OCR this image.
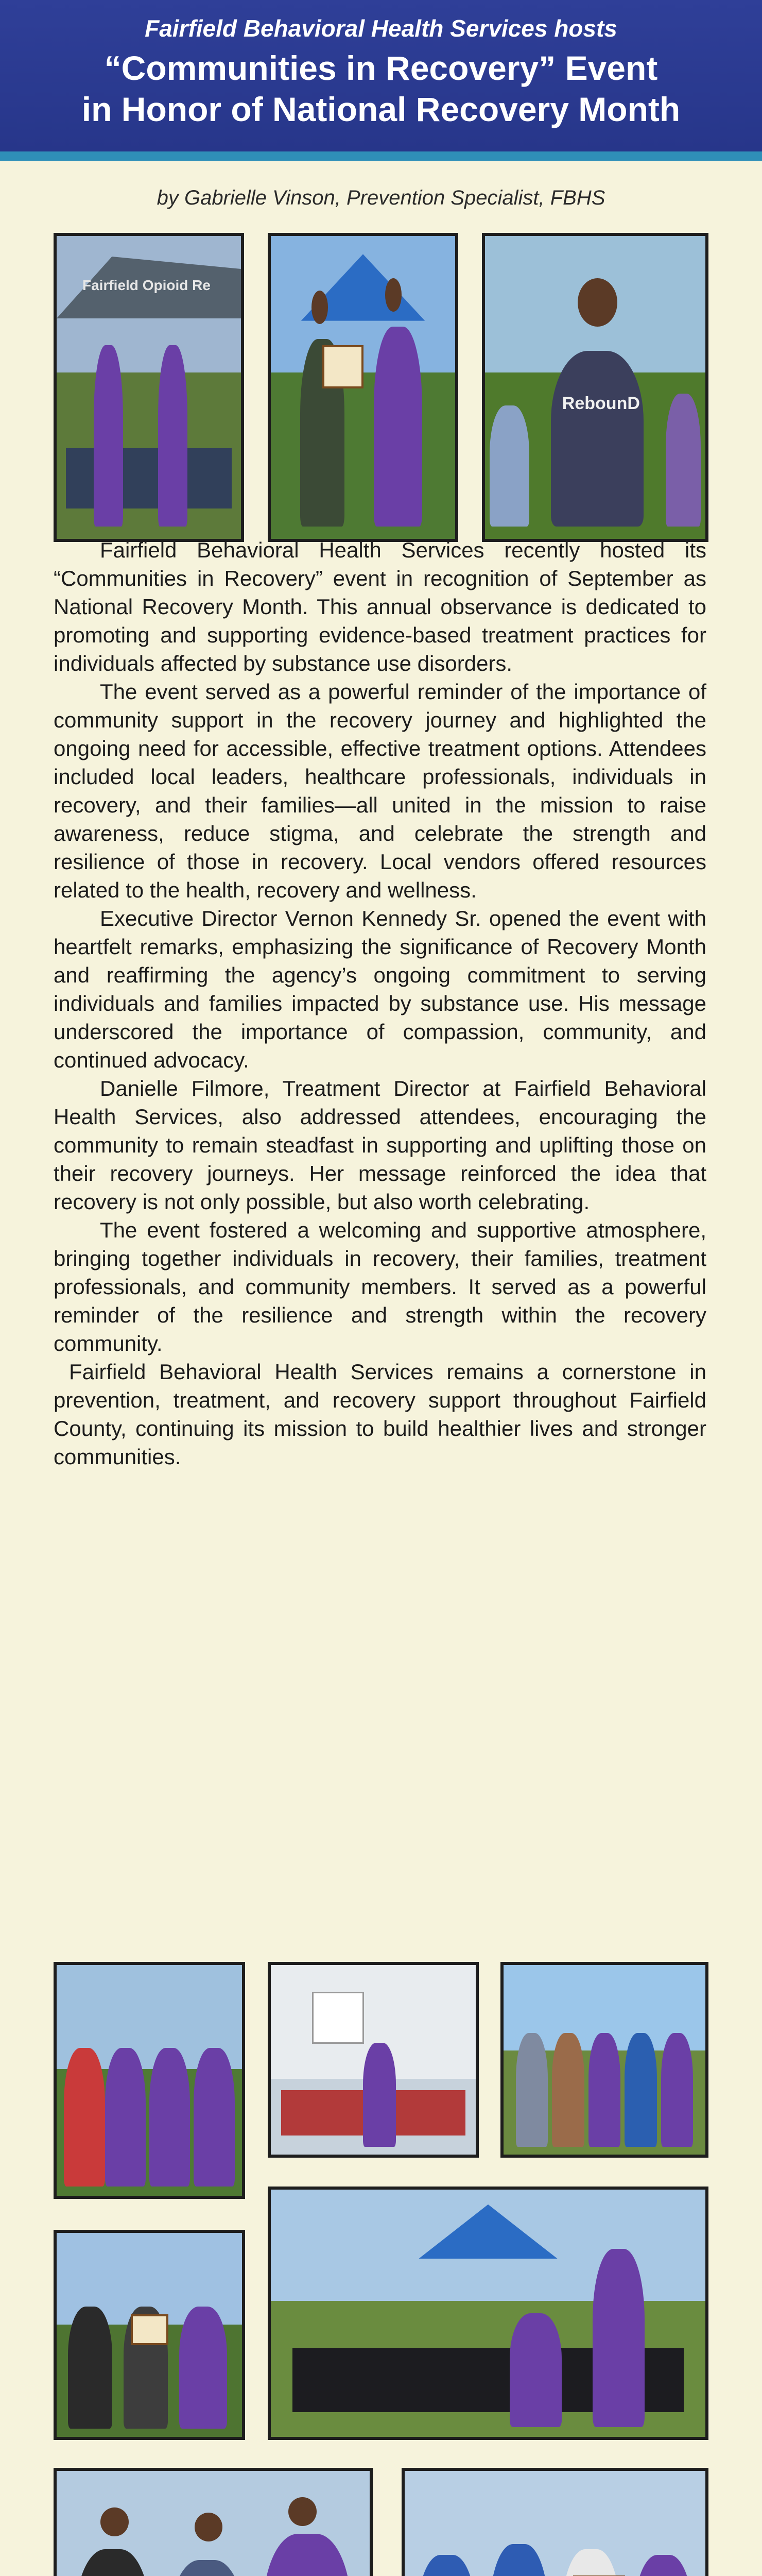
Fairfield Behavioral Health Services hosts
“Communities in Recovery” Event
in Honor of National Recovery Month
by Gabrielle Vinson, Prevention Specialist, FBHS
Fairfield Opioid Re
RebounD

Fairfield Behavioral Health Services recently hosted its “Communities in Recovery” event in recognition of September as National Recovery Month. This annual observance is dedicated to promoting and supporting evidence-based treatment practices for individuals affected by substance use disorders.

The event served as a powerful reminder of the importance of community support in the recovery journey and highlighted the ongoing need for accessible, effective treatment options. Attendees included local leaders, healthcare professionals, individuals in recovery, and their families—all united in the mission to raise awareness, reduce stigma, and celebrate the strength and resilience of those in recovery. Local vendors offered resources related to the health, recovery and wellness.

Executive Director Vernon Kennedy Sr. opened the event with heartfelt remarks, emphasizing the significance of Recovery Month and reaffirming the agency’s ongoing commitment to serving individuals and families impacted by substance use. His message underscored the importance of compassion, community, and continued advocacy.

Danielle Filmore, Treatment Director at Fairfield Behavioral Health Services, also addressed attendees, encouraging the community to remain steadfast in supporting and uplifting those on their recovery journeys. Her message reinforced the idea that recovery is not only possible, but also worth celebrating.

The event fostered a welcoming and supportive atmosphere, bringing together individuals in recovery, their families, treatment professionals, and community members. It served as a powerful reminder of the resilience and strength within the recovery community.

Fairfield Behavioral Health Services remains a cornerstone in prevention, treatment, and recovery support throughout Fairfield County, continuing its mission to build healthier lives and stronger communities.
